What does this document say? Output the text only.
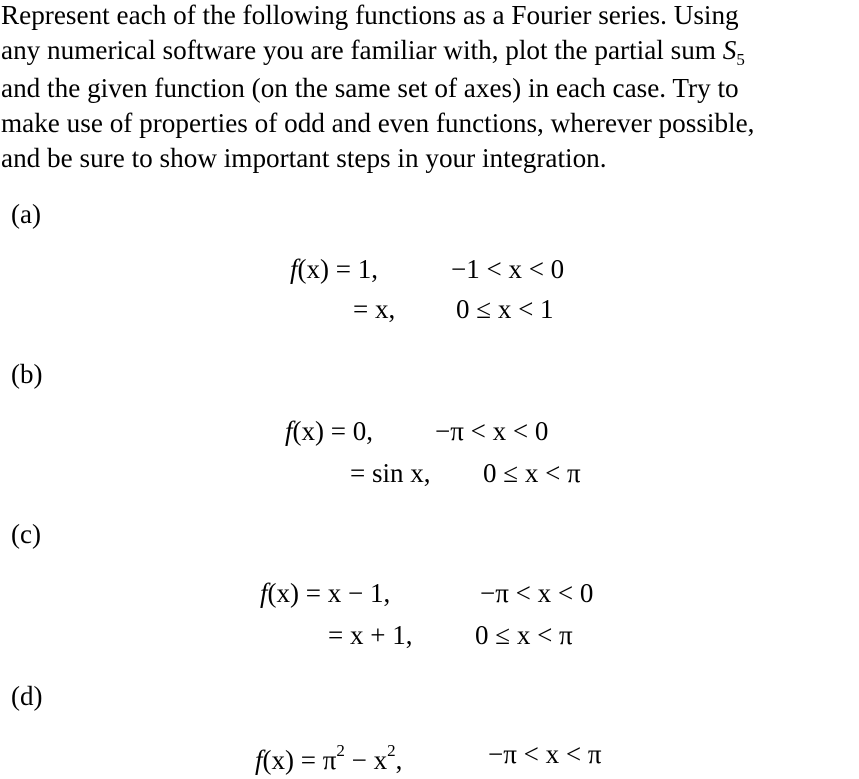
Represent each of the following functions as a Fourier series. Using
any numerical software you are familiar with, plot the partial sum $S_5$
and the given function (on the same set of axes) in each case. Try to
make use of properties of odd and even functions, wherever possible,
and be sure to show important steps in your integration.
(a)
f(x) = 1,	−1 < x < 0
= x, 0 ≤ x < 1
(b)
f(x) = 0, −π < x < 0
= sin x, 0 ≤ x < π
(c)
f(x) = x − 1,	−π < x < 0
= x + 1, 0 ≤ x < π
(d)
$f(x) = \pi^2 - x^2$,	−π < x < π
